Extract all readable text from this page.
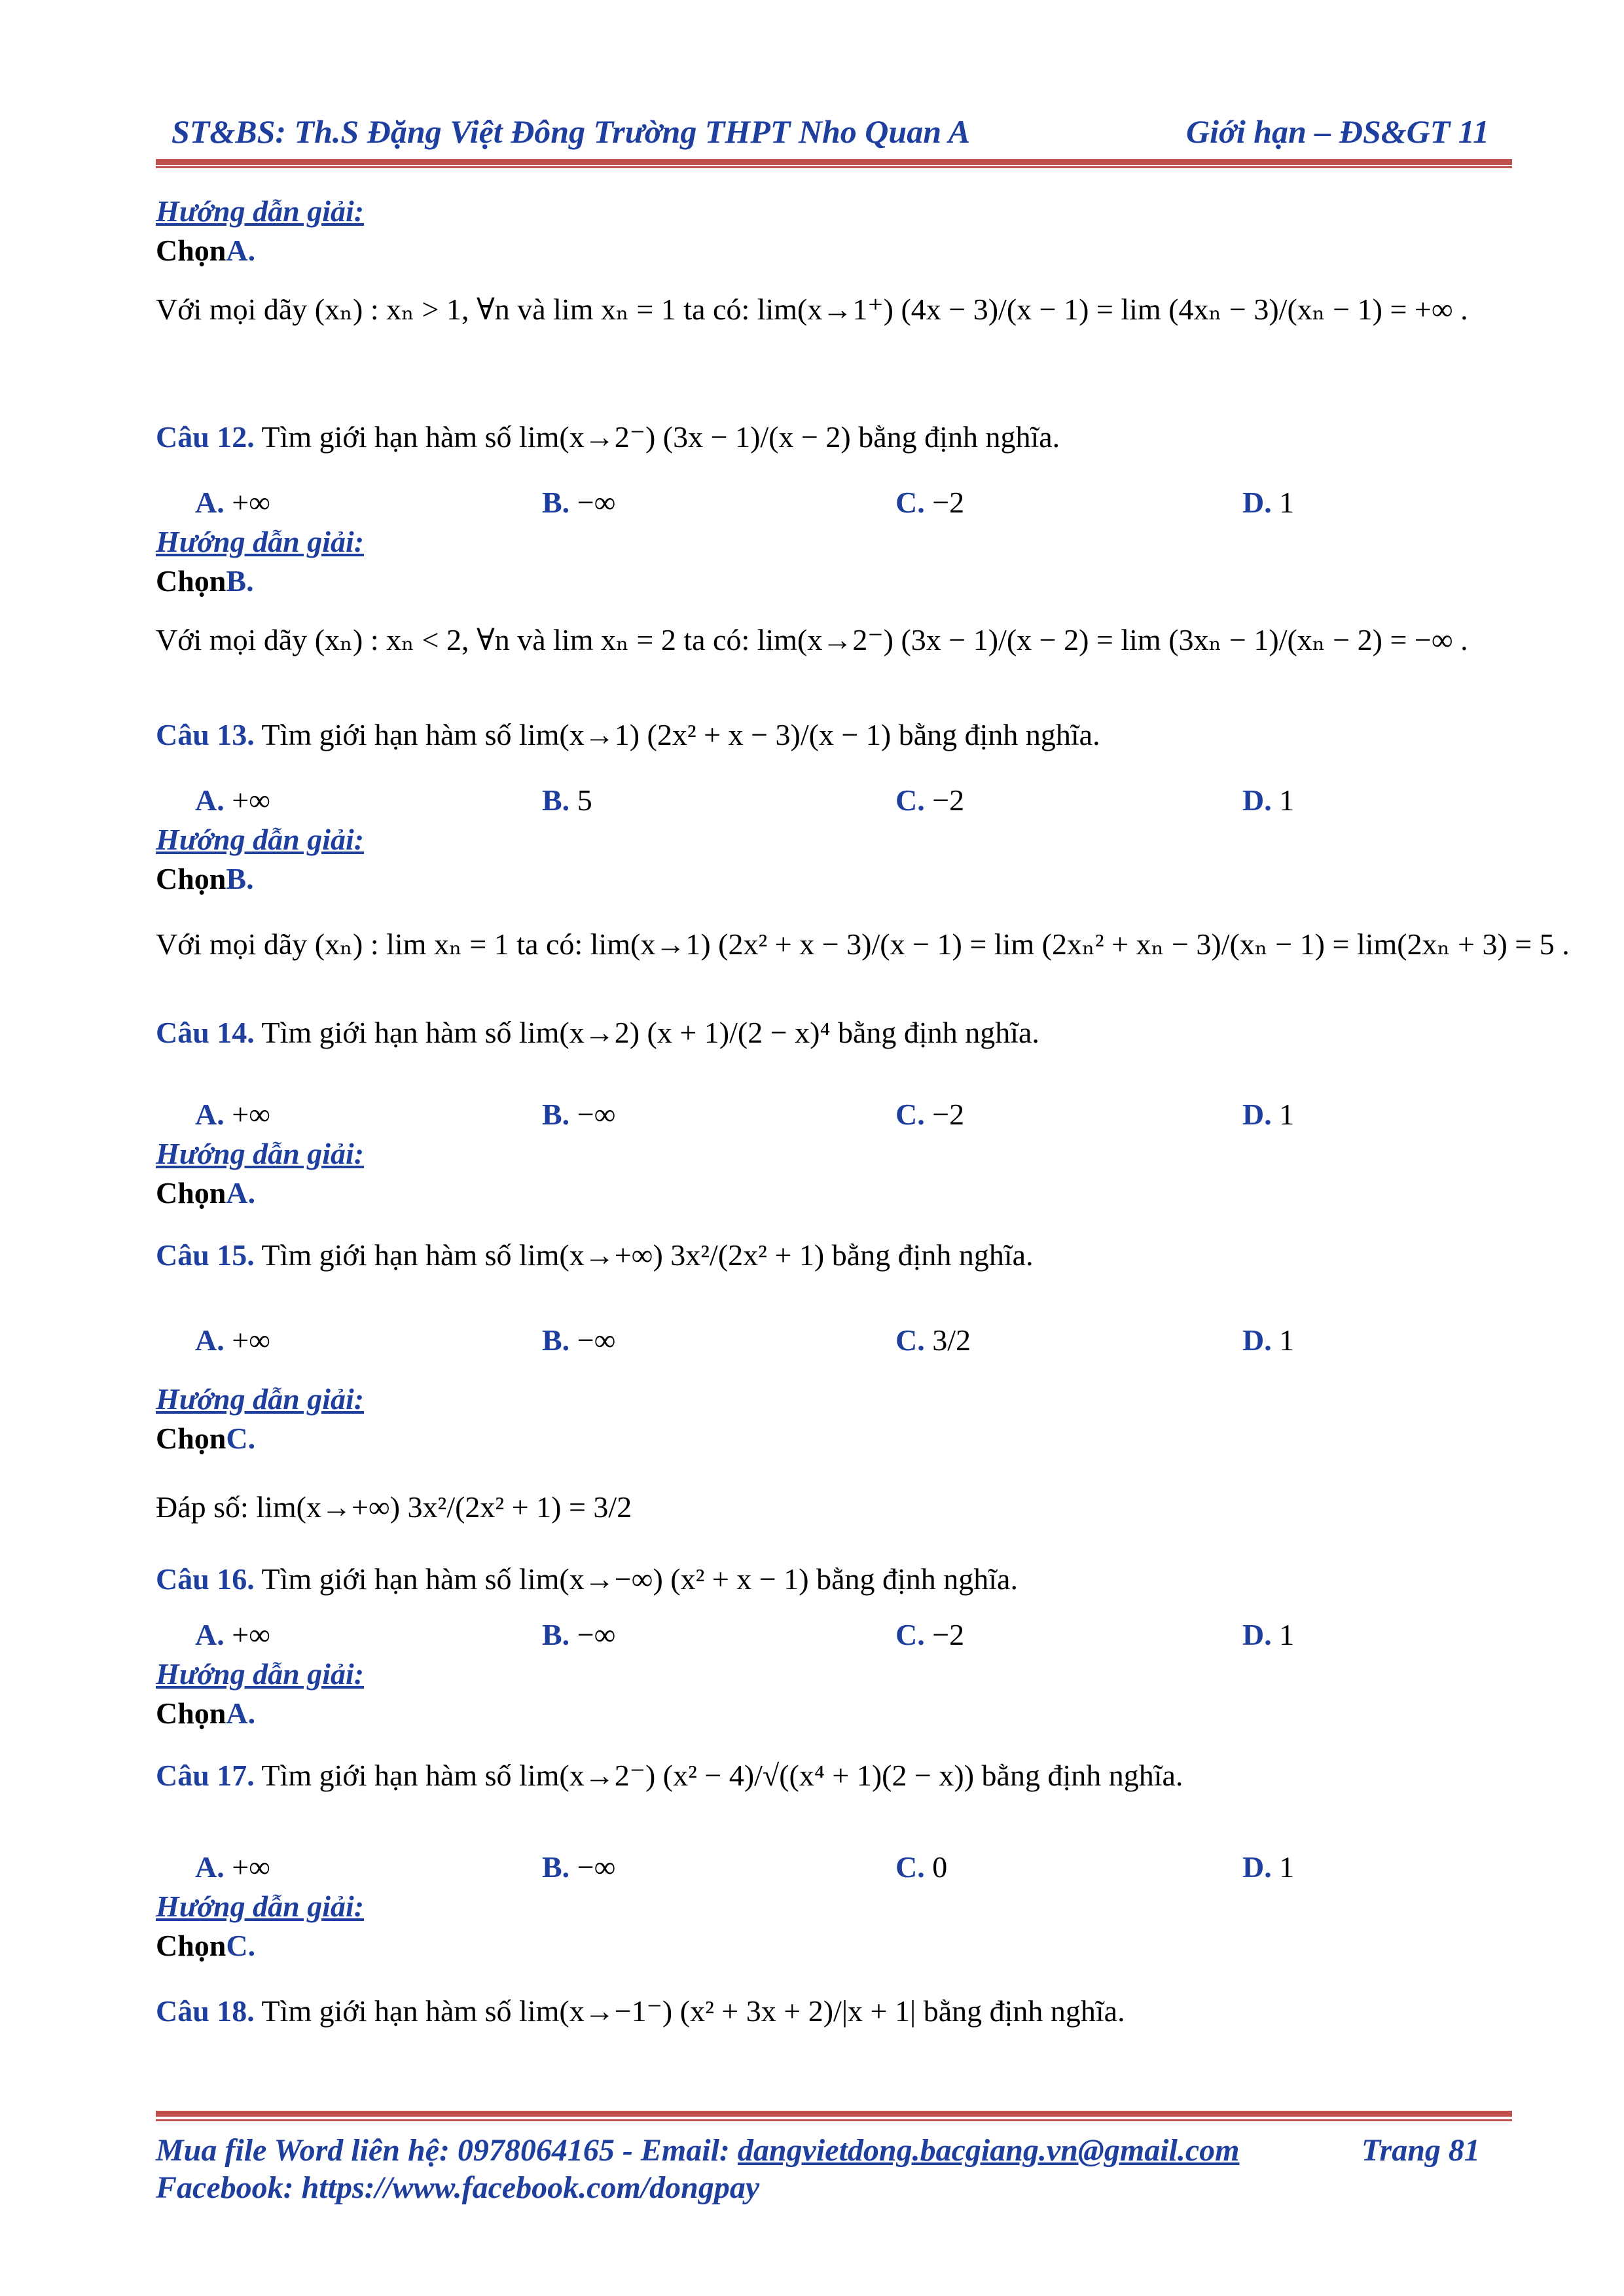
ST&BS: Th.S Đặng Việt Đông Trường THPT Nho Quan A	Giới hạn – ĐS&GT 11
Hướng dẫn giải:
ChọnA.
Với mọi dãy (xₙ) : xₙ > 1, ∀n và lim xₙ = 1 ta có: lim(x→1⁺) (4x − 3)/(x − 1) = lim (4xₙ − 3)/(xₙ − 1) = +∞ .
Câu 12. Tìm giới hạn hàm số lim(x→2⁻) (3x − 1)/(x − 2) bằng định nghĩa.
A. +∞	B. −∞	C. −2	D. 1
Hướng dẫn giải:
ChọnB.
Với mọi dãy (xₙ) : xₙ < 2, ∀n và lim xₙ = 2 ta có: lim(x→2⁻) (3x − 1)/(x − 2) = lim (3xₙ − 1)/(xₙ − 2) = −∞ .
Câu 13. Tìm giới hạn hàm số lim(x→1) (2x² + x − 3)/(x − 1) bằng định nghĩa.
A. +∞	B. 5	C. −2	D. 1
Hướng dẫn giải:
ChọnB.
Với mọi dãy (xₙ) : lim xₙ = 1 ta có: lim(x→1) (2x² + x − 3)/(x − 1) = lim (2xₙ² + xₙ − 3)/(xₙ − 1) = lim(2xₙ + 3) = 5 .
Câu 14. Tìm giới hạn hàm số lim(x→2) (x + 1)/(2 − x)⁴ bằng định nghĩa.
A. +∞	B. −∞	C. −2	D. 1
Hướng dẫn giải:
ChọnA.
Câu 15. Tìm giới hạn hàm số lim(x→+∞) 3x²/(2x² + 1) bằng định nghĩa.
A. +∞	B. −∞	C. 3/2	D. 1
Hướng dẫn giải:
ChọnC.
Đáp số: lim(x→+∞) 3x²/(2x² + 1) = 3/2
Câu 16. Tìm giới hạn hàm số lim(x→−∞) (x² + x − 1) bằng định nghĩa.
A. +∞	B. −∞	C. −2	D. 1
Hướng dẫn giải:
ChọnA.
Câu 17. Tìm giới hạn hàm số lim(x→2⁻) (x² − 4)/√((x⁴ + 1)(2 − x)) bằng định nghĩa.
A. +∞	B. −∞	C. 0	D. 1
Hướng dẫn giải:
ChọnC.
Câu 18. Tìm giới hạn hàm số lim(x→−1⁻) (x² + 3x + 2)/|x + 1| bằng định nghĩa.
Mua file Word liên hệ: 0978064165 - Email: dangvietdong.bacgiang.vn@gmail.com	Trang 81
Facebook: https://www.facebook.com/dongpay
